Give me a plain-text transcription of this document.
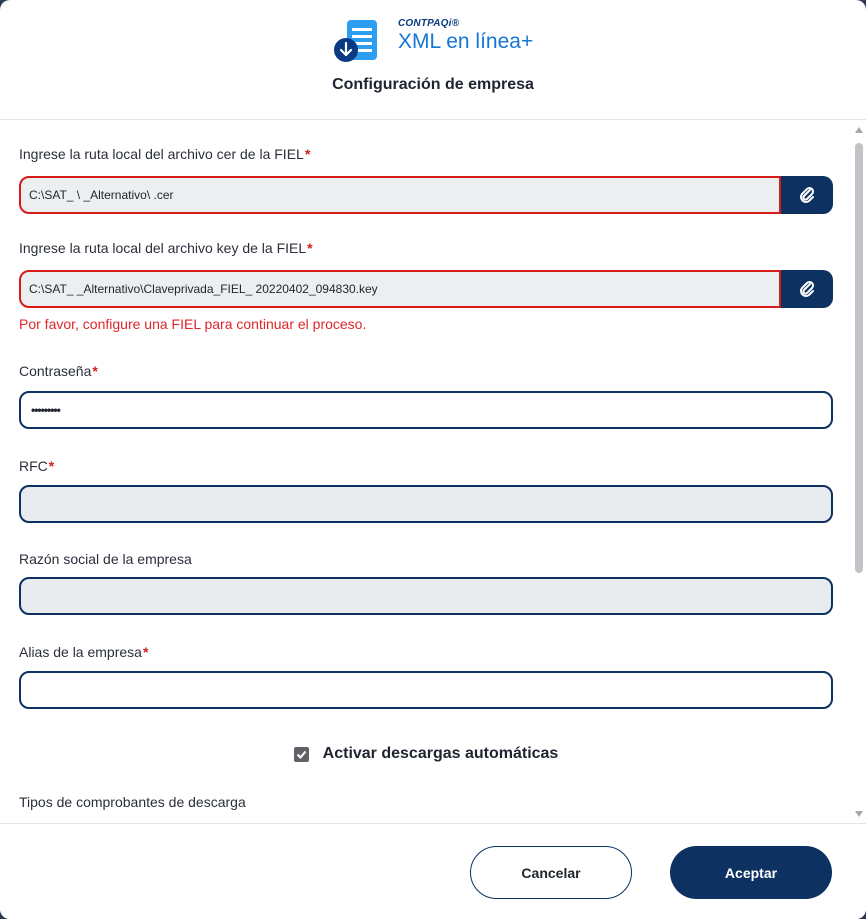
CONTPAQi®
XML en línea+
Configuración de empresa
Ingrese la ruta local del archivo cer de la FIEL*
C:\SAT_ \ _Alternativo\ .cer
Ingrese la ruta local del archivo key de la FIEL*
C:\SAT_ _Alternativo\Claveprivada_FIEL_ 20220402_094830.key
Por favor, configure una FIEL para continuar el proceso.
Contraseña*
•••••••••
RFC*
Razón social de la empresa
Alias de la empresa*
Activar descargas automáticas
Tipos de comprobantes de descarga
Cancelar	Aceptar
